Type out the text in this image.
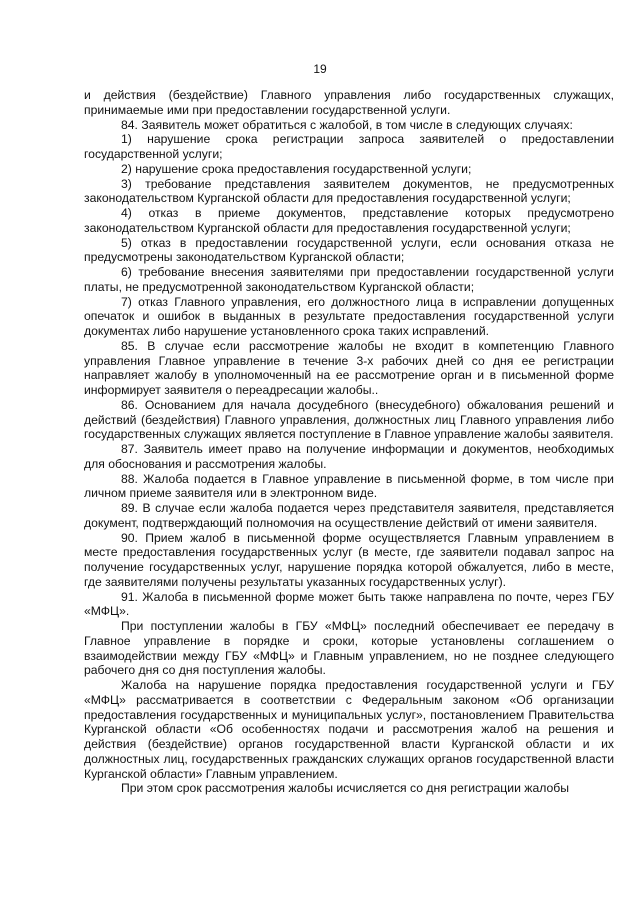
19

и действия (бездействие) Главного управления либо государственных служащих, принимаемые ими при предоставлении государственной услуги.

84. Заявитель может обратиться с жалобой, в том числе в следующих случаях:

1) нарушение срока регистрации запроса заявителей о предоставлении государственной услуги;

2) нарушение срока предоставления государственной услуги;

3) требование представления заявителем документов, не предусмотренных законодательством Курганской области для предоставления государственной услуги;

4) отказ в приеме документов, представление которых предусмотрено законодательством Курганской области для предоставления государственной услуги;

5) отказ в предоставлении государственной услуги, если основания отказа не предусмотрены законодательством Курганской области;

6) требование внесения заявителями при предоставлении государственной услуги платы, не предусмотренной законодательством Курганской области;

7) отказ Главного управления, его должностного лица в исправлении допущенных опечаток и ошибок в выданных в результате предоставления государственной услуги документах либо нарушение установленного срока таких исправлений.

85. В случае если рассмотрение жалобы не входит в компетенцию Главного управления Главное управление в течение 3-х рабочих дней со дня ее регистрации направляет жалобу в уполномоченный на ее рассмотрение орган и в письменной форме информирует заявителя о переадресации жалобы..

86. Основанием для начала досудебного (внесудебного) обжалования решений и действий (бездействия) Главного управления, должностных лиц Главного управления либо государственных служащих является поступление в Главное управление жалобы заявителя.

87. Заявитель имеет право на получение информации и документов, необходимых для обоснования и рассмотрения жалобы.

88. Жалоба подается в Главное управление в письменной форме, в том числе при личном приеме заявителя или в электронном виде.

89. В случае если жалоба подается через представителя заявителя, представляется документ, подтверждающий полномочия на осуществление действий от имени заявителя.

90. Прием жалоб в письменной форме осуществляется Главным управлением в месте предоставления государственных услуг (в месте, где заявители подавал запрос на получение государственных услуг, нарушение порядка которой обжалуется, либо в месте, где заявителями получены результаты указанных государственных услуг).

91. Жалоба в письменной форме может быть также направлена по почте, через ГБУ «МФЦ».

При поступлении жалобы в ГБУ «МФЦ» последний обеспечивает ее передачу в Главное управление в порядке и сроки, которые установлены соглашением о взаимодействии между ГБУ «МФЦ» и Главным управлением, но не позднее следующего рабочего дня со дня поступления жалобы.

Жалоба на нарушение порядка предоставления государственной услуги и ГБУ «МФЦ» рассматривается в соответствии с Федеральным законом «Об организации предоставления государственных и муниципальных услуг», постановлением Правительства Курганской области «Об особенностях подачи и рассмотрения жалоб на решения и действия (бездействие) органов государственной власти Курганской области и их должностных лиц, государственных гражданских служащих органов государственной власти Курганской области» Главным управлением.

При этом срок рассмотрения жалобы исчисляется со дня регистрации жалобы
